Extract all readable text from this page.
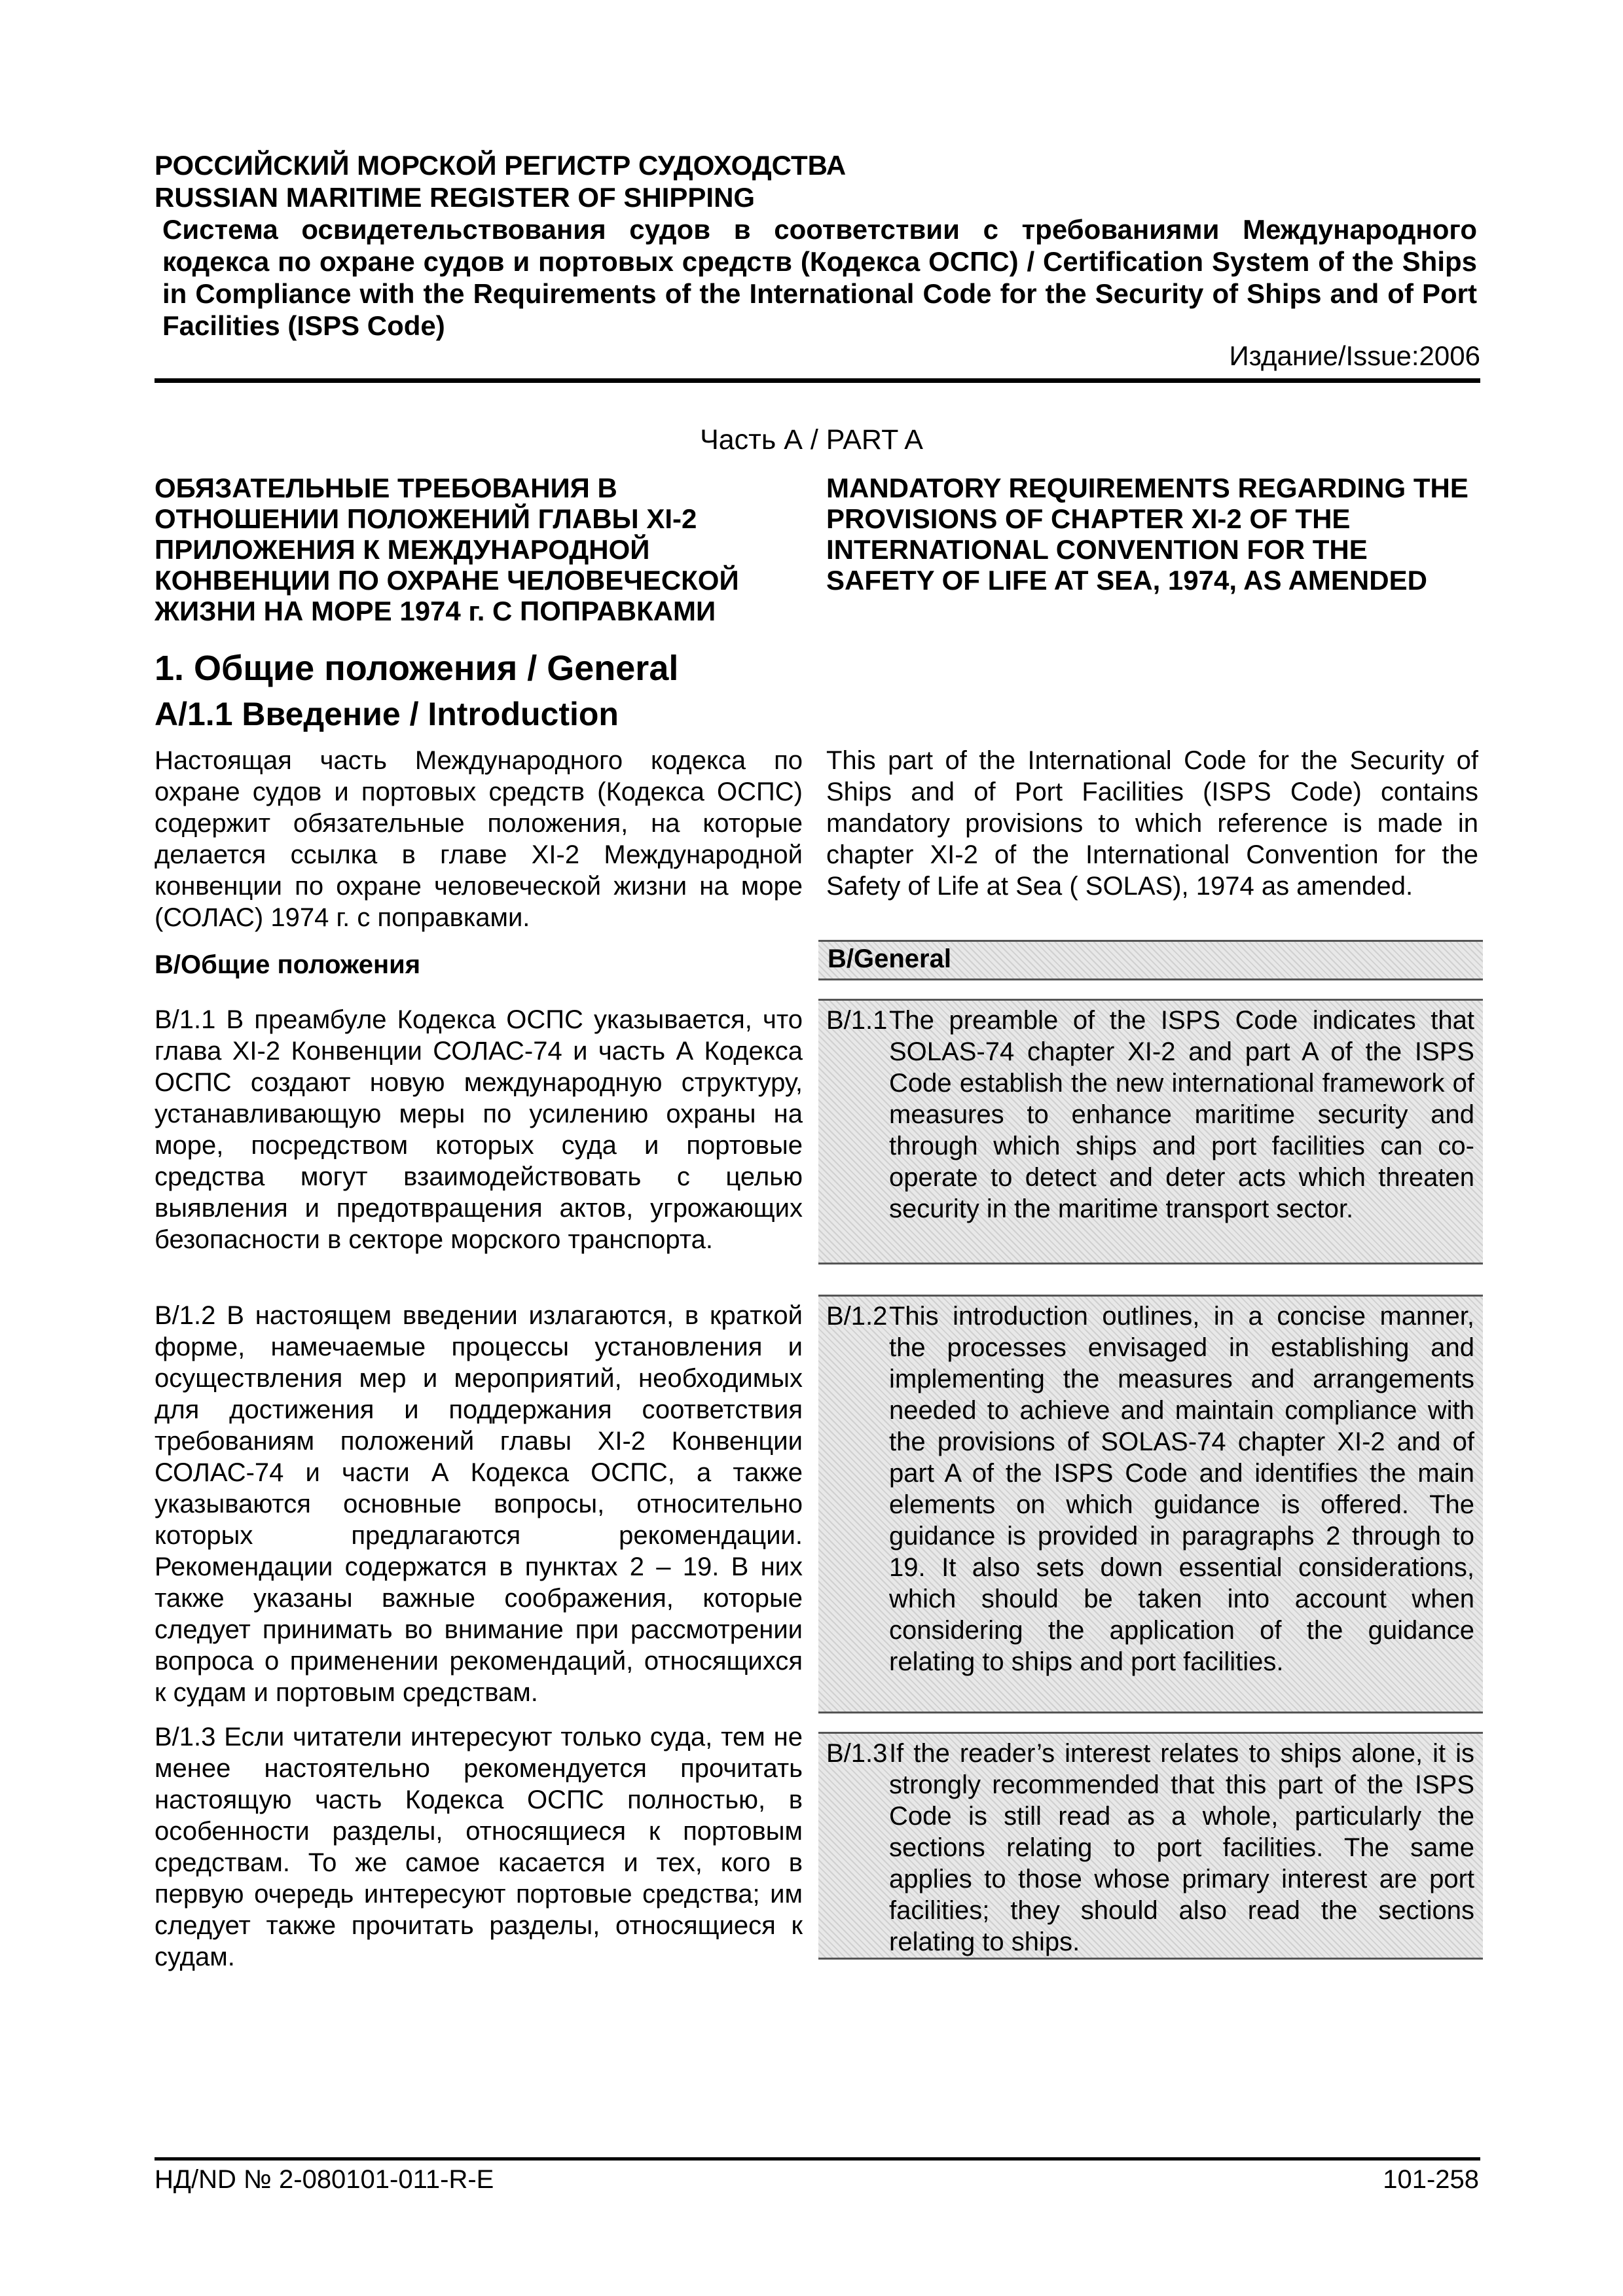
РОССИЙСКИЙ МОРСКОЙ РЕГИСТР СУДОХОДСТВА
RUSSIAN MARITIME REGISTER OF SHIPPING
Система освидетельствования судов в соответствии с требованиями Международного кодекса по охране судов и портовых средств (Кодекса ОСПС) / Certification System of the Ships in Compliance with the Requirements of the International Code for the Security of Ships and of Port Facilities (ISPS Code)
Издание/Issue:2006
Часть А / PART A
ОБЯЗАТЕЛЬНЫЕ ТРЕБОВАНИЯ В ОТНОШЕНИИ ПОЛОЖЕНИЙ ГЛАВЫ XI-2 ПРИЛОЖЕНИЯ К МЕЖДУНАРОДНОЙ КОНВЕНЦИИ ПО ОХРАНЕ ЧЕЛОВЕЧЕСКОЙ ЖИЗНИ НА МОРЕ 1974 г. С ПОПРАВКАМИ
1. Общие положения / General
A/1.1 Введение / Introduction
Настоящая часть Международного кодекса по охране судов и портовых средств (Кодекса ОСПС) содержит обязательные положения, на которые делается ссылка в главе XI-2 Международной конвенции по охране человеческой жизни на море (СОЛАС) 1974 г. с поправками.
B/Общие положения
B/1.1 В преамбуле Кодекса ОСПС указывается, что глава XI-2 Конвенции СОЛАС-74 и часть А Кодекса ОСПС создают новую международную структуру, устанавливающую меры по усилению охраны на море, посредством которых суда и портовые средства могут взаимодействовать с целью выявления и предотвращения актов, угрожающих безопасности в секторе морского транспорта.
B/1.2 В настоящем введении излагаются, в краткой форме, намечаемые процессы установления и осуществления мер и мероприятий, необходимых для достижения и поддержания соответствия требованиям положений главы XI-2 Конвенции СОЛАС-74 и части А Кодекса ОСПС, а также указываются основные вопросы, относительно которых предлагаются рекомендации. Рекомендации содержатся в пунктах 2 – 19. В них также указаны важные соображения, которые следует принимать во внимание при рассмотрении вопроса о применении рекомендаций, относящихся к судам и портовым средствам.
B/1.3 Если читатели интересуют только суда, тем не менее настоятельно рекомендуется прочитать настоящую часть Кодекса ОСПС полностью, в особенности разделы, относящиеся к портовым средствам. То же самое касается и тех, кого в первую очередь интересуют портовые средства; им следует также прочитать разделы, относящиеся к судам.
MANDATORY REQUIREMENTS REGARDING THE PROVISIONS OF CHAPTER XI-2 OF THE INTERNATIONAL CONVENTION FOR THE SAFETY OF LIFE AT SEA, 1974, AS AMENDED
This part of the International Code for the Security of Ships and of Port Facilities (ISPS Code) contains mandatory provisions to which reference is made in chapter XI-2 of the International Convention for the Safety of Life at Sea ( SOLAS), 1974 as amended.
B/General
B/1.1 The preamble of the ISPS Code indicates that SOLAS-74 chapter XI-2 and part A of the ISPS Code establish the new international framework of measures to enhance maritime security and through which ships and port facilities can co-operate to detect and deter acts which threaten security in the maritime transport sector.
B/1.2 This introduction outlines, in a concise manner, the processes envisaged in establishing and implementing the measures and arrangements needed to achieve and maintain compliance with the provisions of SOLAS-74 chapter XI-2 and of part A of the ISPS Code and identifies the main elements on which guidance is offered. The guidance is provided in paragraphs 2 through to 19. It also sets down essential considerations, which should be taken into account when considering the application of the guidance relating to ships and port facilities.
B/1.3 If the reader’s interest relates to ships alone, it is strongly recommended that this part of the ISPS Code is still read as a whole, particularly the sections relating to port facilities. The same applies to those whose primary interest are port facilities; they should also read the sections relating to ships.
НД/ND № 2-080101-011-R-E	101-258
